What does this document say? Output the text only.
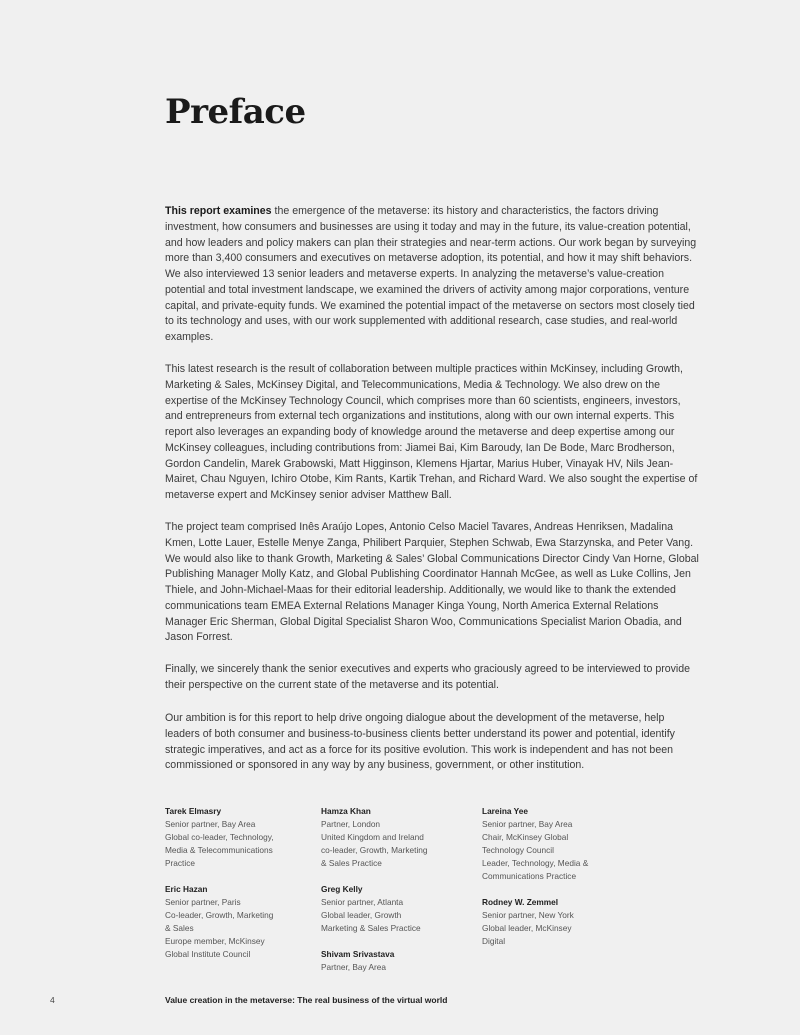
Preface
This report examines the emergence of the metaverse: its history and characteristics, the factors driving
investment, how consumers and businesses are using it today and may in the future, its value-creation potential,
and how leaders and policy makers can plan their strategies and near-term actions. Our work began by surveying
more than 3,400 consumers and executives on metaverse adoption, its potential, and how it may shift behaviors.
We also interviewed 13 senior leaders and metaverse experts. In analyzing the metaverse’s value-creation
potential and total investment landscape, we examined the drivers of activity among major corporations, venture
capital, and private-equity funds. We examined the potential impact of the metaverse on sectors most closely tied
to its technology and uses, with our work supplemented with additional research, case studies, and real-world
examples.
This latest research is the result of collaboration between multiple practices within McKinsey, including Growth,
Marketing & Sales, McKinsey Digital, and Telecommunications, Media & Technology. We also drew on the
expertise of the McKinsey Technology Council, which comprises more than 60 scientists, engineers, investors,
and entrepreneurs from external tech organizations and institutions, along with our own internal experts. This
report also leverages an expanding body of knowledge around the metaverse and deep expertise among our
McKinsey colleagues, including contributions from: Jiamei Bai, Kim Baroudy, Ian De Bode, Marc Brodherson,
Gordon Candelin, Marek Grabowski, Matt Higginson, Klemens Hjartar, Marius Huber, Vinayak HV, Nils Jean-
Mairet, Chau Nguyen, Ichiro Otobe, Kim Rants, Kartik Trehan, and Richard Ward. We also sought the expertise of
metaverse expert and McKinsey senior adviser Matthew Ball.
The project team comprised Inês Araújo Lopes, Antonio Celso Maciel Tavares, Andreas Henriksen, Madalina
Kmen, Lotte Lauer, Estelle Menye Zanga, Philibert Parquier, Stephen Schwab, Ewa Starzynska, and Peter Vang.
We would also like to thank Growth, Marketing & Sales’ Global Communications Director Cindy Van Horne, Global
Publishing Manager Molly Katz, and Global Publishing Coordinator Hannah McGee, as well as Luke Collins, Jen
Thiele, and John-Michael-Maas for their editorial leadership. Additionally, we would like to thank the extended
communications team EMEA External Relations Manager Kinga Young, North America External Relations
Manager Eric Sherman, Global Digital Specialist Sharon Woo, Communications Specialist Marion Obadia, and
Jason Forrest.
Finally, we sincerely thank the senior executives and experts who graciously agreed to be interviewed to provide
their perspective on the current state of the metaverse and its potential.
Our ambition is for this report to help drive ongoing dialogue about the development of the metaverse, help
leaders of both consumer and business-to-business clients better understand its power and potential, identify
strategic imperatives, and act as a force for its positive evolution. This work is independent and has not been
commissioned or sponsored in any way by any business, government, or other institution.
Tarek Elmasry
Senior partner, Bay Area
Global co-leader, Technology,
Media & Telecommunications
Practice
Eric Hazan
Senior partner, Paris
Co-leader, Growth, Marketing
& Sales
Europe member, McKinsey
Global Institute Council
Hamza Khan
Partner, London
United Kingdom and Ireland
co-leader, Growth, Marketing
& Sales Practice
Greg Kelly
Senior partner, Atlanta
Global leader, Growth
Marketing & Sales Practice
Shivam Srivastava
Partner, Bay Area
Lareina Yee
Senior partner, Bay Area
Chair, McKinsey Global
Technology Council
Leader, Technology, Media &
Communications Practice
Rodney W. Zemmel
Senior partner, New York
Global leader, McKinsey
Digital
4	Value creation in the metaverse: The real business of the virtual world
